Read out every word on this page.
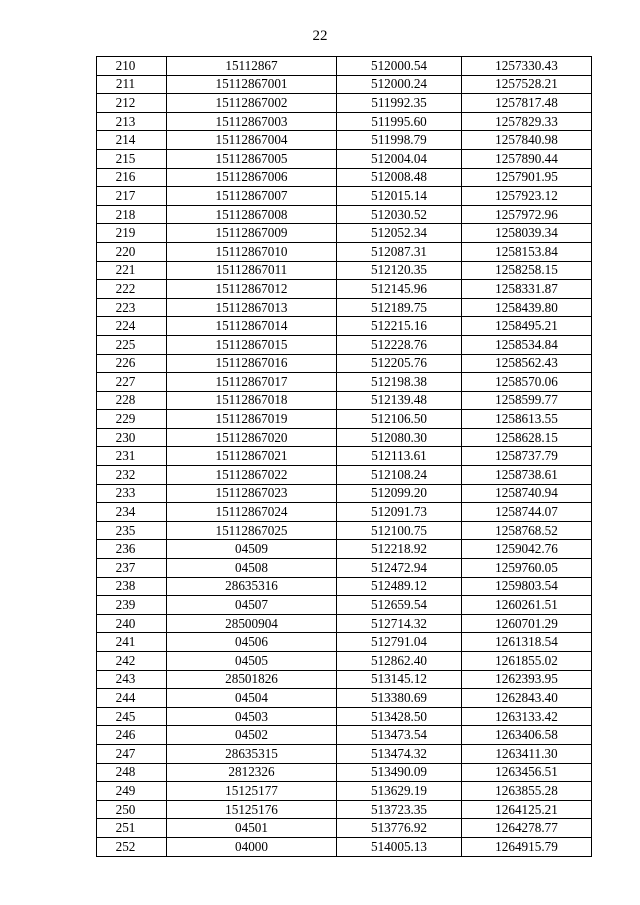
22
210	15112867	512000.54	1257330.43
211	15112867001	512000.24	1257528.21
212	15112867002	511992.35	1257817.48
213	15112867003	511995.60	1257829.33
214	15112867004	511998.79	1257840.98
215	15112867005	512004.04	1257890.44
216	15112867006	512008.48	1257901.95
217	15112867007	512015.14	1257923.12
218	15112867008	512030.52	1257972.96
219	15112867009	512052.34	1258039.34
220	15112867010	512087.31	1258153.84
221	15112867011	512120.35	1258258.15
222	15112867012	512145.96	1258331.87
223	15112867013	512189.75	1258439.80
224	15112867014	512215.16	1258495.21
225	15112867015	512228.76	1258534.84
226	15112867016	512205.76	1258562.43
227	15112867017	512198.38	1258570.06
228	15112867018	512139.48	1258599.77
229	15112867019	512106.50	1258613.55
230	15112867020	512080.30	1258628.15
231	15112867021	512113.61	1258737.79
232	15112867022	512108.24	1258738.61
233	15112867023	512099.20	1258740.94
234	15112867024	512091.73	1258744.07
235	15112867025	512100.75	1258768.52
236	04509	512218.92	1259042.76
237	04508	512472.94	1259760.05
238	28635316	512489.12	1259803.54
239	04507	512659.54	1260261.51
240	28500904	512714.32	1260701.29
241	04506	512791.04	1261318.54
242	04505	512862.40	1261855.02
243	28501826	513145.12	1262393.95
244	04504	513380.69	1262843.40
245	04503	513428.50	1263133.42
246	04502	513473.54	1263406.58
247	28635315	513474.32	1263411.30
248	2812326	513490.09	1263456.51
249	15125177	513629.19	1263855.28
250	15125176	513723.35	1264125.21
251	04501	513776.92	1264278.77
252	04000	514005.13	1264915.79
